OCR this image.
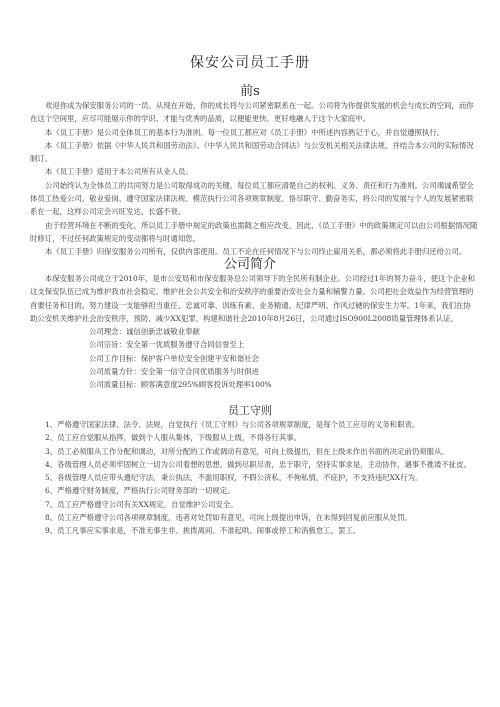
保安公司员工手册
前s

欢迎你成为保安服务公司的一员。从现在开始，你的成长将与公司紧密联系在一起。公司将为你提供发展的机会与成长的空间，而你在这个空间里，应尽可能展示你的学识、才能与优秀的品质，以便能更快、更好地融入于这个大家庭中。

本《员工手册》是公司全体员工的基本行为准则。每一位员工都应对《员工手册》中所述内容熟记于心，并自觉遵照执行。

本《员工手册》依据《中华人民共和国劳动法》、《中华人民共和国劳动合同法》与公安机关相关法律法规，并结合本公司的实际情况制订。

本《员工手册》适用于本公司所有从业人员。

公司始终认为全体员工的共同努力是公司取得成功的关键。每位员工都应清楚自己的权利、义务、责任和行为准则。公司竭诚希望全体员工热爱公司、敬业爱岗、遵守国家法律法规、模范执行公司各项规章制度、恪尽职守、勤奋务实，将公司的发展与个人的发展紧密联系在一起，这样公司定会兴旺发达、长盛不衰。

由于经营环境在不断的变化，所以员工手册中规定的政策也需随之相应改变。因此，《员工手册》中的政策规定可以由公司根据情况随时修订，不过任何政策规定的变动都将与时通知您。

本《员工手册》归保安服务公司所有，仅供内部使用。员工不论在任何情况下与公司终止雇用关系，都必须将此手册归还给公司。

公司简介

本保安服务公司成立于2010年，是市公安局和市保安服务总公司领导下的全民所有制企业。公司经过1年的努力奋斗，使这个企业和这支保安队伍已成为维护我市社会稳定、维护社会公共安全和治安秩序的重要治安社会力量和辅警力量。公司把社会效益作为经营管理的首要任务和目的。努力建设一支能够担当重任、忠诚可靠、训练有素、业务精通、纪律严明、作风过硬的保安生力军。1年来，我们在协助公安机关维护社会治安秩序，预防、减少XX犯罪，构建和谐社会2010年8月26日，公司通过ISO900L2008质量管理体系认证。

公司理念：诚信创新忠诚敬业奉献

公司宗旨：安全第一优质服务遵守合同信誉至上

公司工作目标：保护客户单位安全创建平安和谐社会

公司质量方针：安全第一信守合同优质服务与时俱进

公司质量目标：顾客满意度295%顾客投诉处理率100%

员工守则

1、严格遵守国家法律、法令、法规，自觉执行《员工守则》与公司各项规章制度，是每个员工应尽的义务和职责。

2、员工应自觉服从指挥，做到个人服从集体，下级服从上级，不得各行其事。

3、员工必须服从工作分配和调动，对所分配的工作或调动有意见，可向上级提出，但在上级未作出书面的决定前仍须服从。

4、各级管理人员必须牢固树立一切为公司着想的思想，做到尽职尽责，忠于职守，坚持实事求是，主动协作，遇事不推诿不扯皮。

5、各级管理人员应带头遵纪守法，秉公执法，不滥用职权，不假公济私，不徇私情，不庇护，不支持违纪XX行为。

6、严格遵守财务制度，严格执行公司财务部的一切规定。

7、员工应严格遵守公司有关XX规定，自觉维护公司安全。

8、员工应严格遵守公司各项规章制度，违者对处罚如有意见，可向上级提出申诉，在未得到回复前应服从处罚。

9、员工凡事应实事求是，不准无事生非、挑拨离间、不准起哄、闹事或停工和消极怠工、罢工。
